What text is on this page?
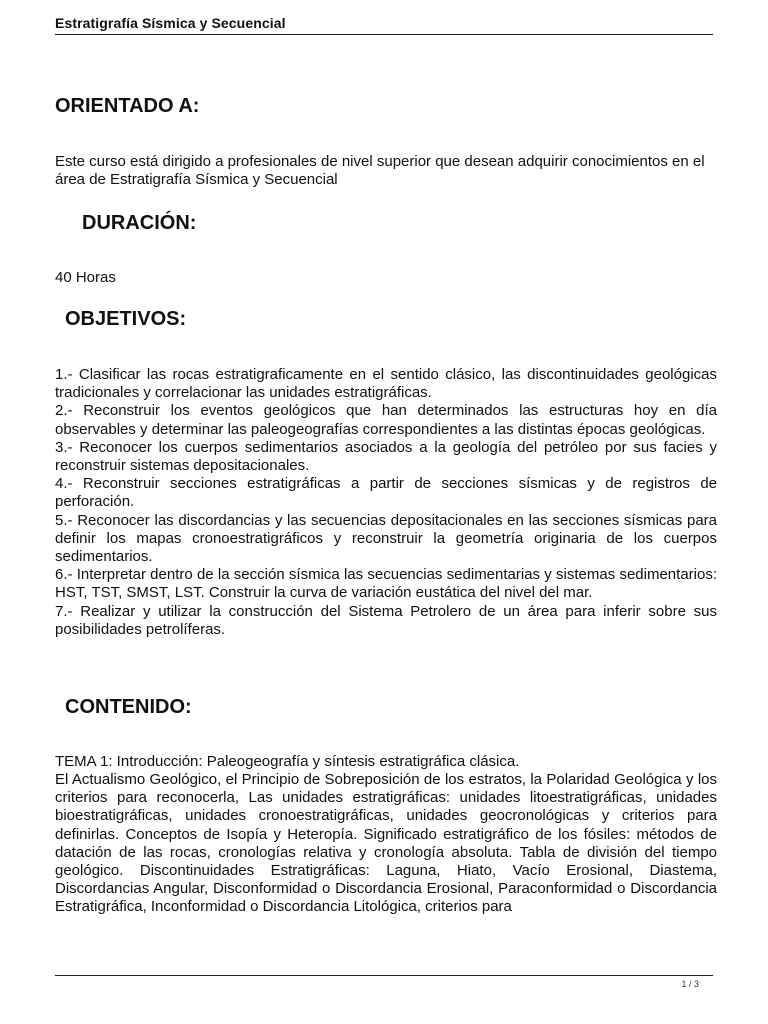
Estratigrafía Sísmica y Secuencial
ORIENTADO A:

Este curso está dirigido a profesionales de nivel superior que desean adquirir conocimientos en el área de Estratigrafía Sísmica y Secuencial

DURACIÓN:

40 Horas

OBJETIVOS:
1.- Clasificar las rocas estratigraficamente en el sentido clásico, las discontinuidades geológicas tradicionales y correlacionar las unidades estratigráficas.
2.- Reconstruir los eventos geológicos que han determinados las estructuras hoy en día observables y determinar las paleogeografías correspondientes a las distintas épocas geológicas.
3.- Reconocer los cuerpos sedimentarios asociados a la geología del petróleo por sus facies y reconstruir sistemas depositacionales.
4.- Reconstruir secciones estratigráficas a partir de secciones sísmicas y de registros de perforación.
5.- Reconocer las discordancias y las secuencias depositacionales en las secciones sísmicas para definir los mapas cronoestratigráficos y reconstruir la geometría originaria de los cuerpos sedimentarios.
6.- Interpretar dentro de la sección sísmica las secuencias sedimentarias y sistemas sedimentarios: HST, TST, SMST, LST. Construir la curva de variación eustática del nivel del mar.
7.- Realizar y utilizar la construcción del Sistema Petrolero de un área para inferir sobre sus posibilidades petrolíferas.
CONTENIDO:

TEMA 1: Introducción: Paleogeografía y síntesis estratigráfica clásica.

El Actualismo Geológico, el Principio de Sobreposición de los estratos, la Polaridad Geológica y los criterios para reconocerla, Las unidades estratigráficas: unidades litoestratigráficas, unidades bioestratigráficas, unidades cronoestratigráficas, unidades geocronológicas y criterios para definirlas. Conceptos de Isopía y Heteropía. Significado estratigráfico de los fósiles: métodos de datación de las rocas, cronologías relativa y cronología absoluta. Tabla de división del tiempo geológico. Discontinuidades Estratigráficas: Laguna, Hiato, Vacío Erosional, Diastema, Discordancias Angular, Disconformidad o Discordancia Erosional, Paraconformidad o Discordancia Estratigráfica, Inconformidad o Discordancia Litológica, criterios para

1 / 3
